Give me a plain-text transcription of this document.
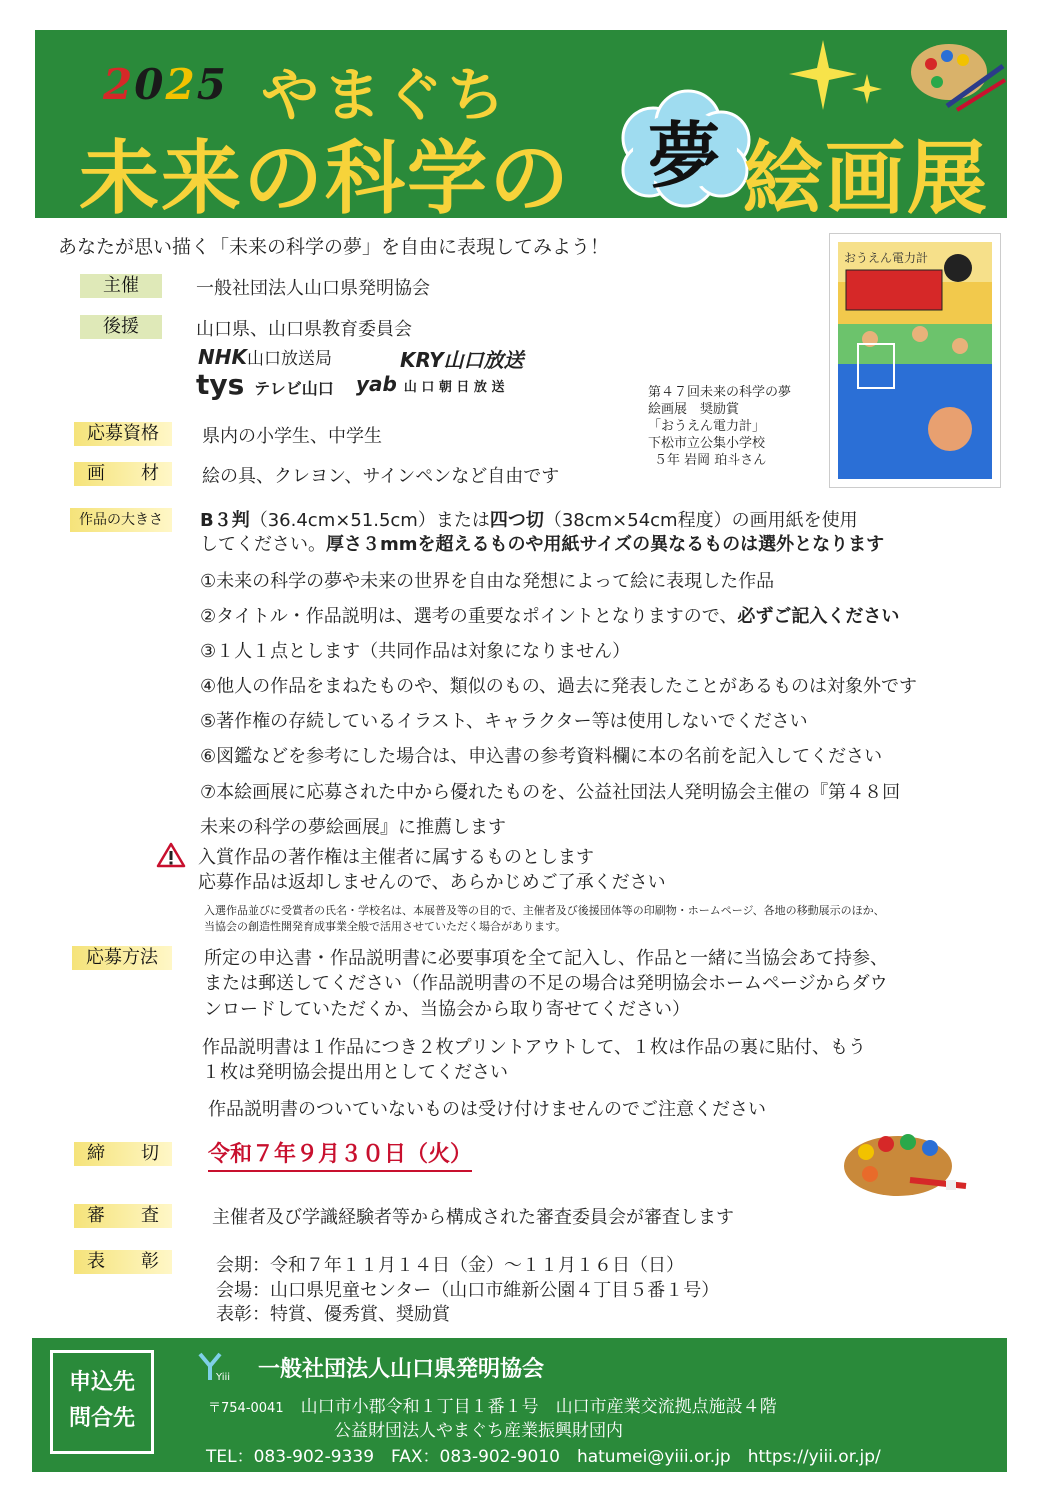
2025 やまぐち
未来の科学の 夢 絵画展
あなたが思い描く「未来の科学の夢」を自由に表現してみよう！
主催	一般社団法人山口県発明協会
後援	山口県、山口県教育委員会
NHK山口放送局	KRY山口放送
tys テレビ山口 yab 山 口 朝 日 放 送
おうえん電力計
第４７回未来の科学の夢
絵画展　奨励賞
「おうえん電力計」
下松市立公集小学校
５年 岩岡 珀斗さん
応募資格	県内の小学生、中学生
画　　材	絵の具、クレヨン、サインペンなど自由です
作品の大きさ	B３判（36.4cm×51.5cm）または四つ切（38cm×54cm程度）の画用紙を使用
してください。厚さ３mmを超えるものや用紙サイズの異なるものは選外となります
①未来の科学の夢や未来の世界を自由な発想によって絵に表現した作品
②タイトル・作品説明は、選考の重要なポイントとなりますので、必ずご記入ください
③１人１点とします（共同作品は対象になりません）
④他人の作品をまねたものや、類似のもの、過去に発表したことがあるものは対象外です
⑤著作権の存続しているイラスト、キャラクター等は使用しないでください
⑥図鑑などを参考にした場合は、申込書の参考資料欄に本の名前を記入してください
⑦本絵画展に応募された中から優れたものを、公益社団法人発明協会主催の『第４８回
未来の科学の夢絵画展』に推薦します
入賞作品の著作権は主催者に属するものとします
応募作品は返却しませんので、あらかじめご了承ください
入選作品並びに受賞者の氏名・学校名は、本展普及等の目的で、主催者及び後援団体等の印刷物・ホームページ、各地の移動展示のほか、
当協会の創造性開発育成事業全般で活用させていただく場合があります。
応募方法	所定の申込書・作品説明書に必要事項を全て記入し、作品と一緒に当協会あて持参、
または郵送してください（作品説明書の不足の場合は発明協会ホームページからダウ
ンロードしていただくか、当協会から取り寄せてください）
作品説明書は１作品につき２枚プリントアウトして、１枚は作品の裏に貼付、もう
１枚は発明協会提出用としてください
作品説明書のついていないものは受け付けませんのでご注意ください
締　　切	令和７年９月３０日（火）
審　　査	主催者及び学識経験者等から構成された審査委員会が審査します
表　　彰	会期：令和７年１１月１４日（金）～１１月１６日（日）
会場：山口県児童センター（山口市維新公園４丁目５番１号）
表彰：特賞、優秀賞、奨励賞
申込先
問合先
Yiii 一般社団法人山口県発明協会
〒754-0041　 山口市小郡令和１丁目１番１号　山口市産業交流拠点施設４階
公益財団法人やまぐち産業振興財団内
TEL：083-902-9339　 FAX：083-902-9010　 hatumei@yiii.or.jp　 https://yiii.or.jp/
